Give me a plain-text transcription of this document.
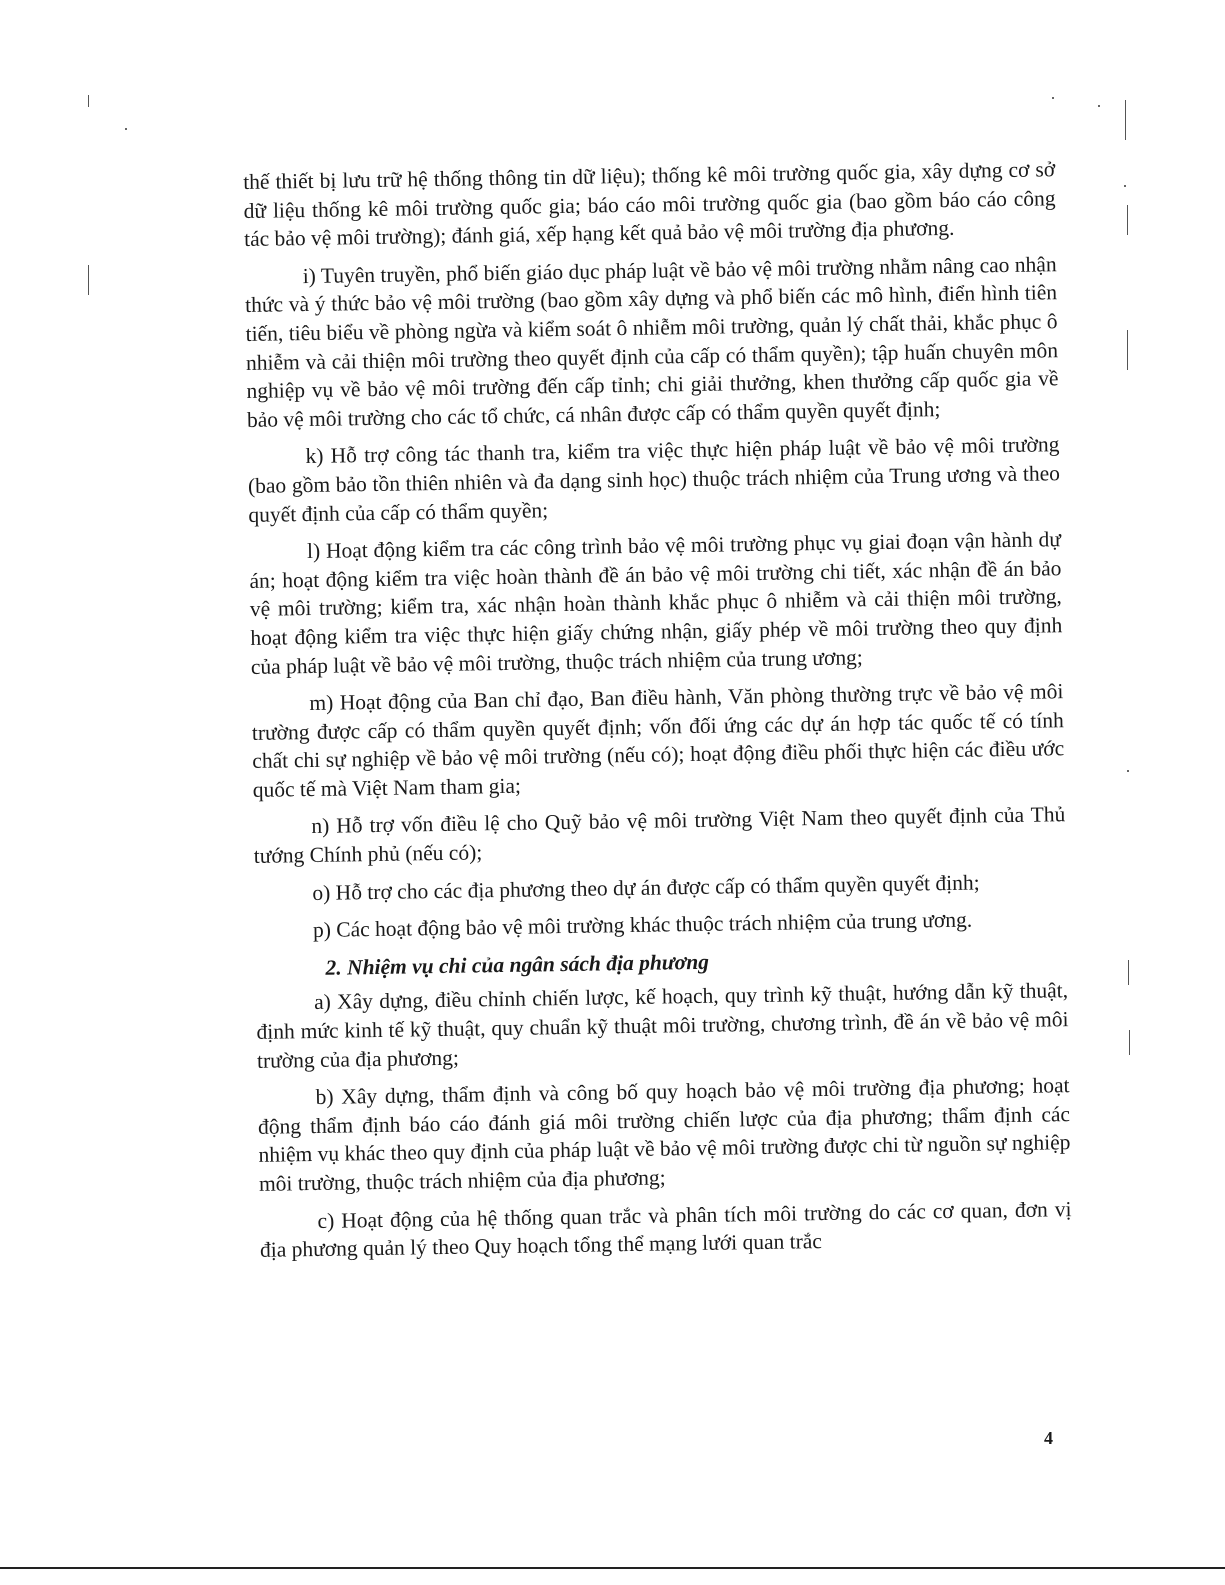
thế thiết bị lưu trữ hệ thống thông tin dữ liệu); thống kê môi trường quốc gia, xây dựng cơ sở dữ liệu thống kê môi trường quốc gia; báo cáo môi trường quốc gia (bao gồm báo cáo công tác bảo vệ môi trường); đánh giá, xếp hạng kết quả bảo vệ môi trường địa phương.

i) Tuyên truyền, phổ biến giáo dục pháp luật về bảo vệ môi trường nhằm nâng cao nhận thức và ý thức bảo vệ môi trường (bao gồm xây dựng và phổ biến các mô hình, điển hình tiên tiến, tiêu biểu về phòng ngừa và kiểm soát ô nhiễm môi trường, quản lý chất thải, khắc phục ô nhiễm và cải thiện môi trường theo quyết định của cấp có thẩm quyền); tập huấn chuyên môn nghiệp vụ về bảo vệ môi trường đến cấp tỉnh; chi giải thưởng, khen thưởng cấp quốc gia về bảo vệ môi trường cho các tổ chức, cá nhân được cấp có thẩm quyền quyết định;

k) Hỗ trợ công tác thanh tra, kiểm tra việc thực hiện pháp luật về bảo vệ môi trường (bao gồm bảo tồn thiên nhiên và đa dạng sinh học) thuộc trách nhiệm của Trung ương và theo quyết định của cấp có thẩm quyền;

l) Hoạt động kiểm tra các công trình bảo vệ môi trường phục vụ giai đoạn vận hành dự án; hoạt động kiểm tra việc hoàn thành đề án bảo vệ môi trường chi tiết, xác nhận đề án bảo vệ môi trường; kiểm tra, xác nhận hoàn thành khắc phục ô nhiễm và cải thiện môi trường, hoạt động kiểm tra việc thực hiện giấy chứng nhận, giấy phép về môi trường theo quy định của pháp luật về bảo vệ môi trường, thuộc trách nhiệm của trung ương;

m) Hoạt động của Ban chỉ đạo, Ban điều hành, Văn phòng thường trực về bảo vệ môi trường được cấp có thẩm quyền quyết định; vốn đối ứng các dự án hợp tác quốc tế có tính chất chi sự nghiệp về bảo vệ môi trường (nếu có); hoạt động điều phối thực hiện các điều ước quốc tế mà Việt Nam tham gia;

n) Hỗ trợ vốn điều lệ cho Quỹ bảo vệ môi trường Việt Nam theo quyết định của Thủ tướng Chính phủ (nếu có);

o) Hỗ trợ cho các địa phương theo dự án được cấp có thẩm quyền quyết định;

p) Các hoạt động bảo vệ môi trường khác thuộc trách nhiệm của trung ương.

2. Nhiệm vụ chi của ngân sách địa phương

a) Xây dựng, điều chỉnh chiến lược, kế hoạch, quy trình kỹ thuật, hướng dẫn kỹ thuật, định mức kinh tế kỹ thuật, quy chuẩn kỹ thuật môi trường, chương trình, đề án về bảo vệ môi trường của địa phương;

b) Xây dựng, thẩm định và công bố quy hoạch bảo vệ môi trường địa phương; hoạt động thẩm định báo cáo đánh giá môi trường chiến lược của địa phương; thẩm định các nhiệm vụ khác theo quy định của pháp luật về bảo vệ môi trường được chi từ nguồn sự nghiệp môi trường, thuộc trách nhiệm của địa phương;

c) Hoạt động của hệ thống quan trắc và phân tích môi trường do các cơ quan, đơn vị địa phương quản lý theo Quy hoạch tổng thể mạng lưới quan trắc

4
